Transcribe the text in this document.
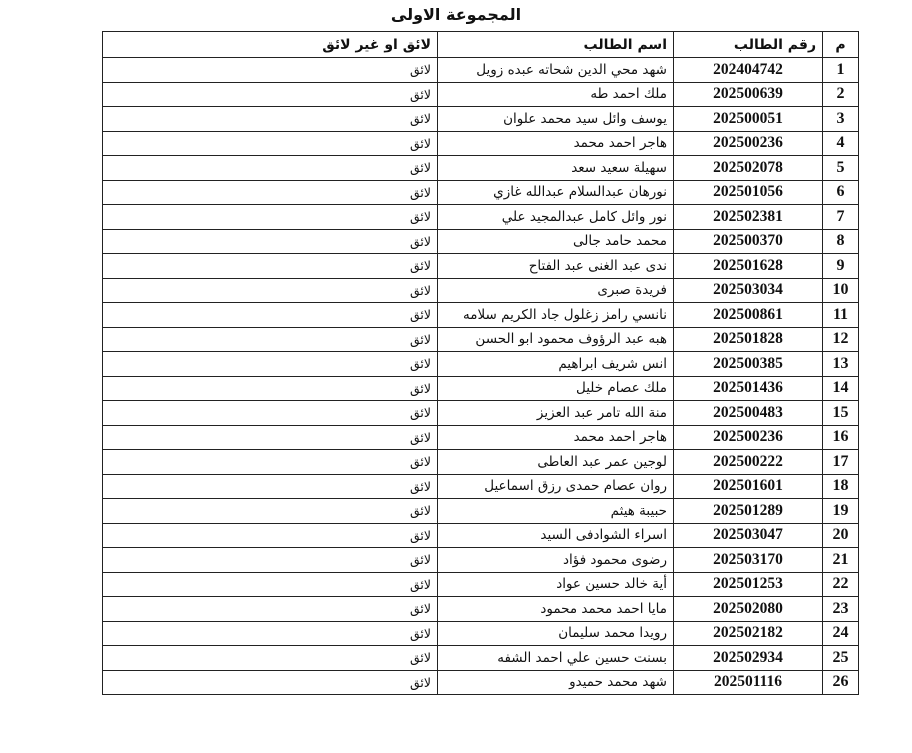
المجموعة الاولى
م	رقم الطالب	اسم الطالب	لائق او غير لائق
1	202404742	شهد محي الدين شحاته عبده زويل	لائق
2	202500639	ملك احمد طه	لائق
3	202500051	يوسف وائل سيد محمد علوان	لائق
4	202500236	هاجر احمد محمد	لائق
5	202502078	سهيلة سعيد سعد	لائق
6	202501056	نورهان عبدالسلام عبدالله غازي	لائق
7	202502381	نور وائل كامل عبدالمجيد علي	لائق
8	202500370	محمد حامد جالى	لائق
9	202501628	ندى عبد الغنى عبد الفتاح	لائق
10	202503034	فريدة صبرى	لائق
11	202500861	نانسي رامز زغلول جاد الكريم سلامه	لائق
12	202501828	هبه عبد الرؤوف محمود ابو الحسن	لائق
13	202500385	انس شريف ابراهيم	لائق
14	202501436	ملك عصام خليل	لائق
15	202500483	منة الله تامر عبد العزيز	لائق
16	202500236	هاجر احمد محمد	لائق
17	202500222	لوجين عمر عبد العاطى	لائق
18	202501601	روان عصام حمدى رزق اسماعيل	لائق
19	202501289	حبيبة هيثم	لائق
20	202503047	اسراء الشوادفى السيد	لائق
21	202503170	رضوى محمود فؤاد	لائق
22	202501253	أية خالد حسين عواد	لائق
23	202502080	مايا احمد محمد محمود	لائق
24	202502182	رويدا محمد سليمان	لائق
25	202502934	بسنت حسين علي احمد الشفه	لائق
26	202501116	شهد محمد حميدو	لائق
